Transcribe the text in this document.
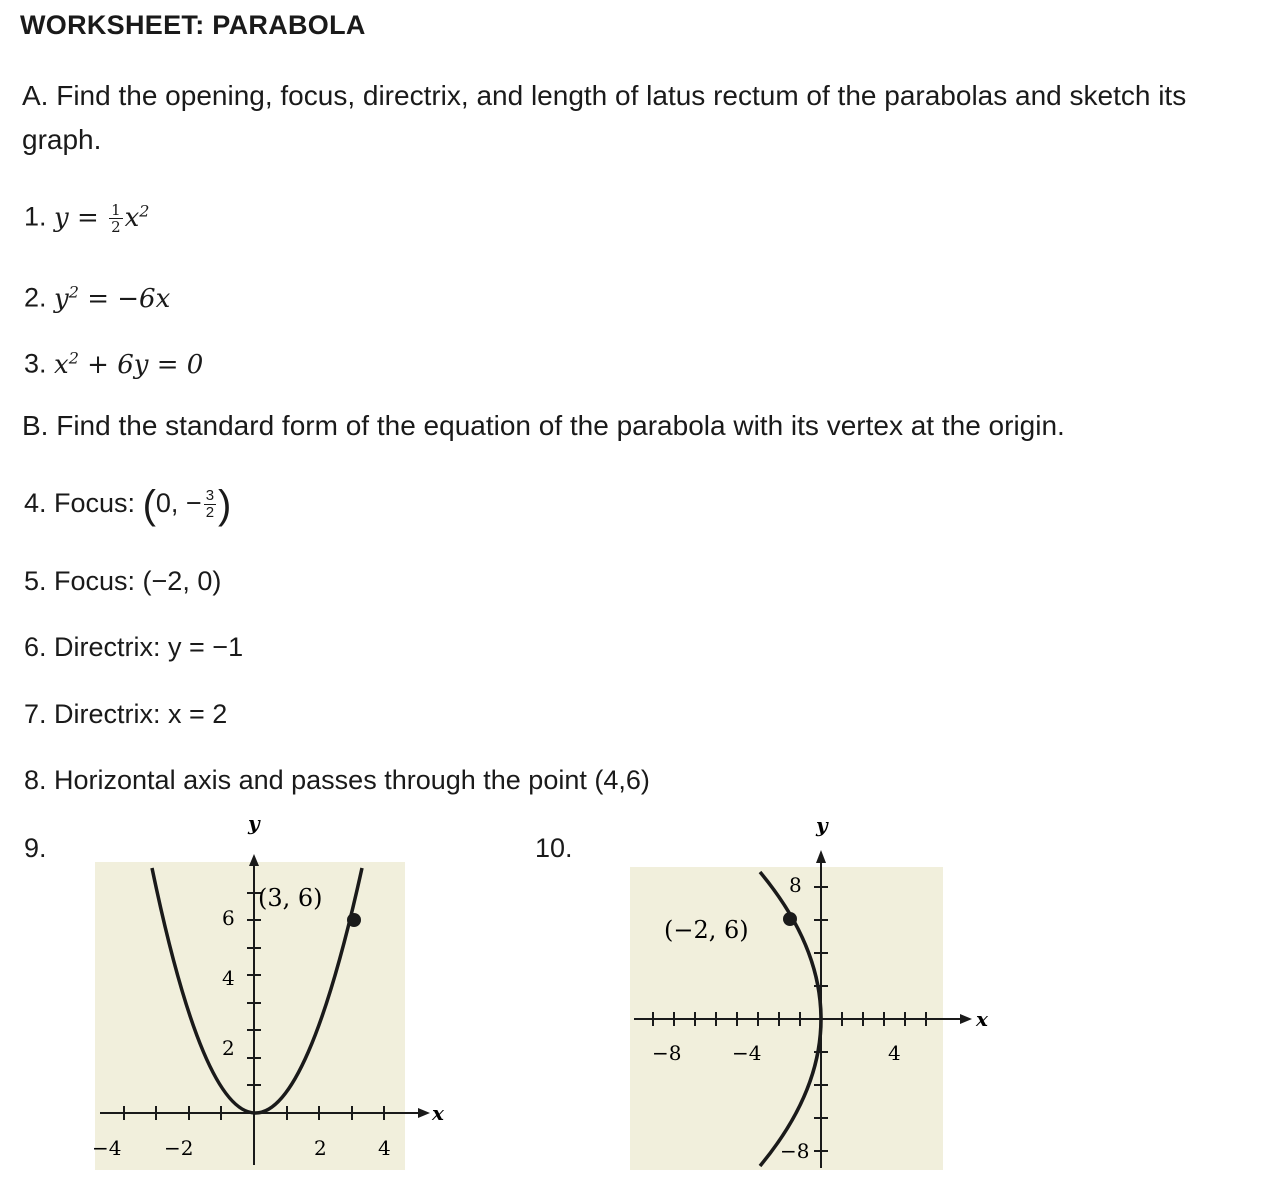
WORKSHEET: PARABOLA
A. Find the opening, focus, directrix, and length of latus rectum of the parabolas and sketch its graph.
1. $y = \frac{1}{2} x^2$
2. $y^2 = -6x$
3. $x^2 + 6y = 0$
B. Find the standard form of the equation of the parabola with its vertex at the origin.
4. Focus: (0, − $\frac{3}{2}$ )
5. Focus: (−2, 0)
6. Directrix: y = −1
7. Directrix: x = 2
8. Horizontal axis and passes through the point (4,6)
9.	10.
y
x
(3, 6)
6
4
2
−4 −2	2	4
y
x
(−2, 6)
8
−8
−8	−4	4
